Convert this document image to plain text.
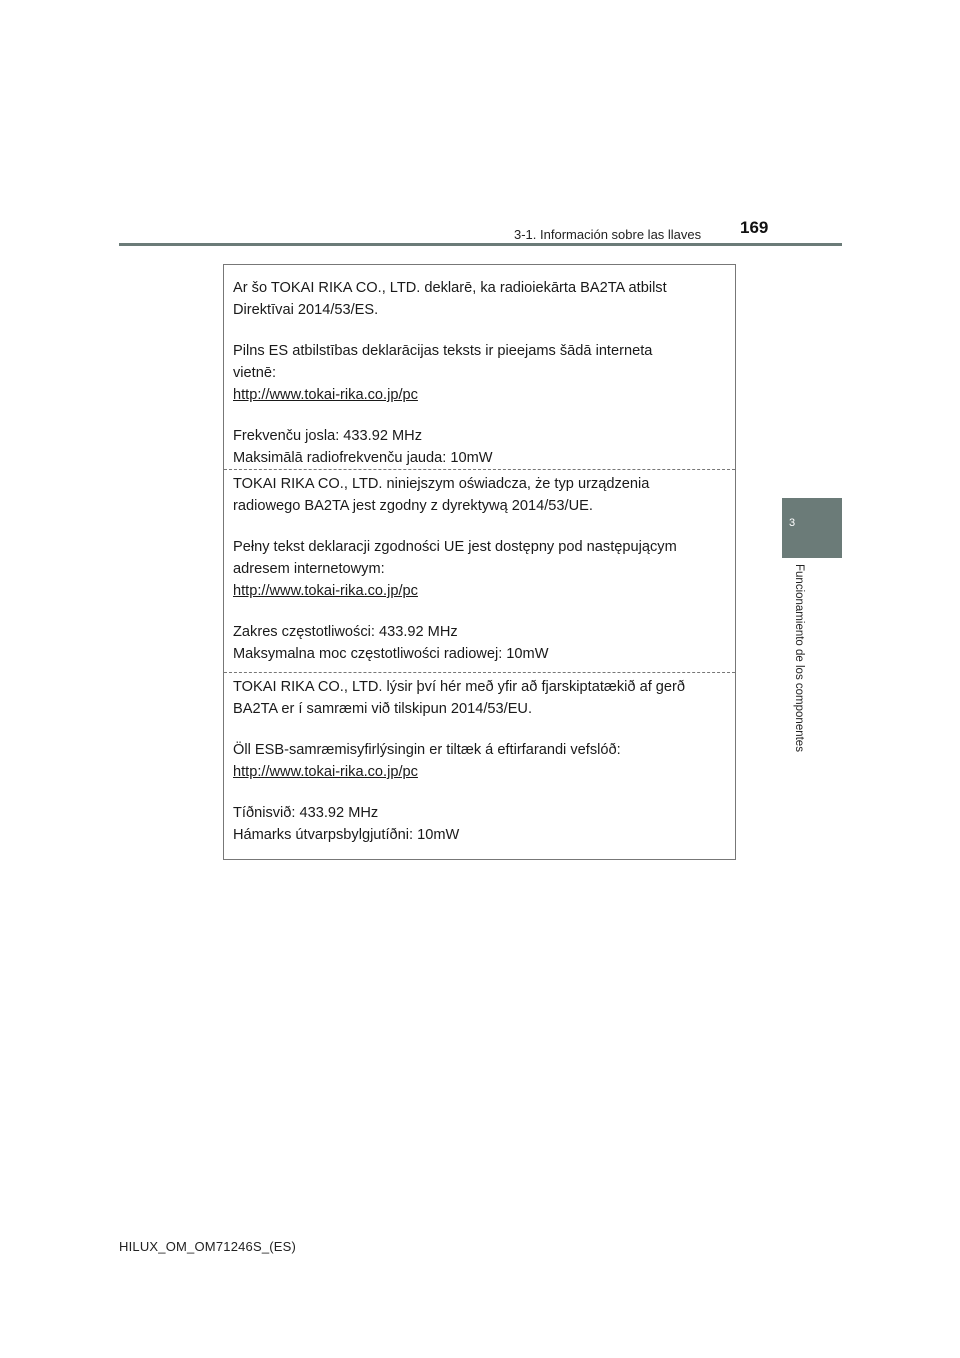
3-1. Información sobre las llaves 169
3
Funcionamiento de los componentes

Ar šo TOKAI RIKA CO., LTD. deklarē, ka radioiekārta BA2TA atbilst

Direktīvai 2014/53/ES.

Pilns ES atbilstības deklarācijas teksts ir pieejams šādā interneta

vietnē:

http://www.tokai-rika.co.jp/pc

Frekvenču josla: 433.92 MHz

Maksimālā radiofrekvenču jauda: 10mW

TOKAI RIKA CO., LTD. niniejszym oświadcza, że typ urządzenia

radiowego BA2TA jest zgodny z dyrektywą 2014/53/UE.

Pełny tekst deklaracji zgodności UE jest dostępny pod następującym

adresem internetowym:

http://www.tokai-rika.co.jp/pc

Zakres częstotliwości: 433.92 MHz

Maksymalna moc częstotliwości radiowej: 10mW

TOKAI RIKA CO., LTD. lýsir því hér með yfir að fjarskiptatækið af gerð

BA2TA er í samræmi við tilskipun 2014/53/EU.

Öll ESB-samræmisyfirlýsingin er tiltæk á eftirfarandi vefslóð:

http://www.tokai-rika.co.jp/pc

Tíðnisvið: 433.92 MHz

Hámarks útvarpsbylgjutíðni: 10mW

HILUX_OM_OM71246S_(ES)
